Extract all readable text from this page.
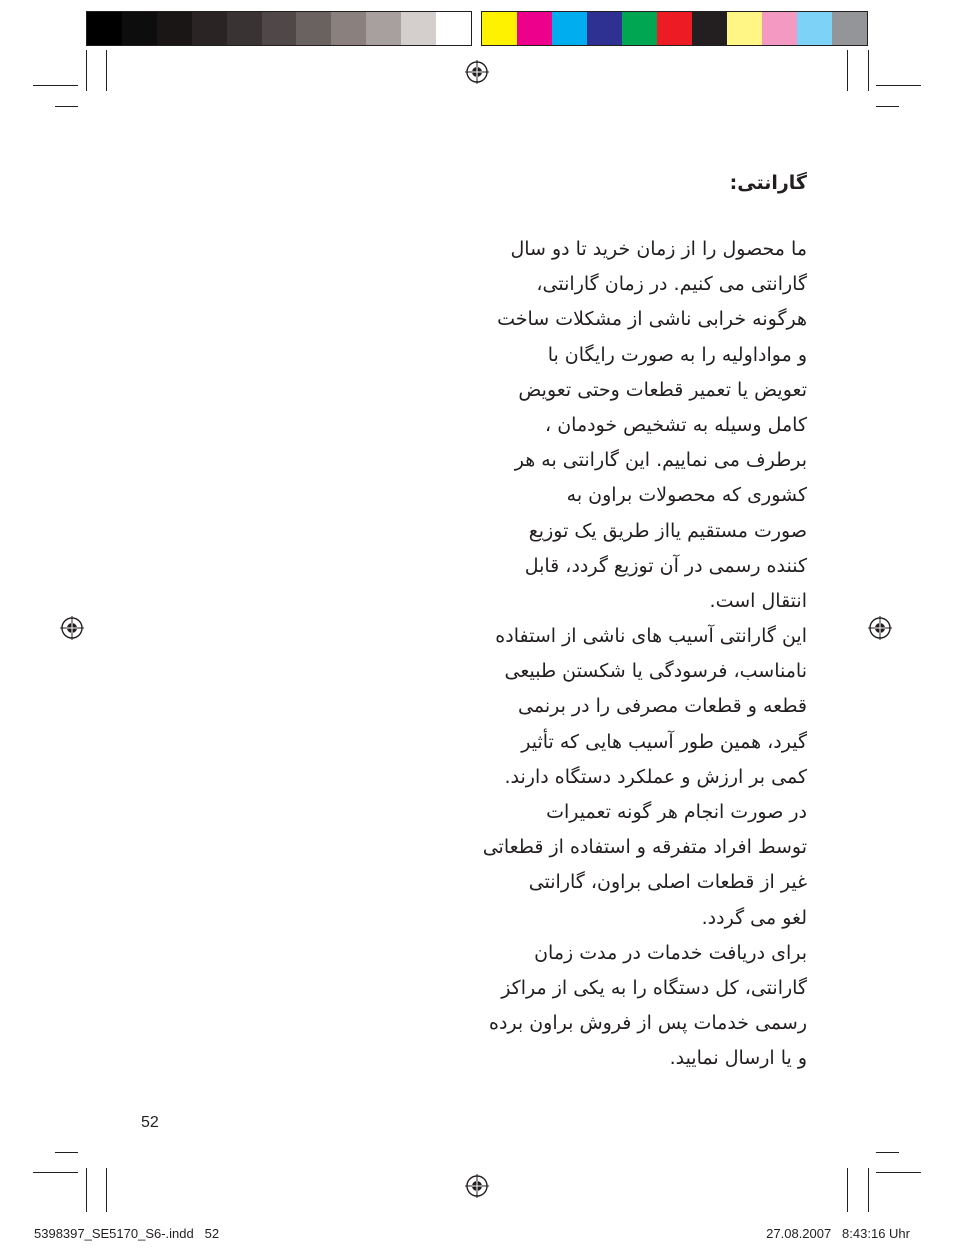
گارانتی:
ما محصول را از زمان خرید تا دو سال
گارانتی می کنیم. در زمان گارانتی،
هرگونه خرابی ناشی از مشکلات ساخت
و مواداولیه را به صورت رایگان با
تعویض یا تعمیر قطعات وحتی تعویض
کامل وسیله به تشخیص خودمان ،
برطرف می نماییم. این گارانتی به هر
کشوری که محصولات براون به
صورت مستقیم یااز طریق یک توزیع
کننده رسمی در آن توزیع گردد، قابل
انتقال است.
این گارانتی آسیب های ناشی از استفاده
نامناسب، فرسودگی یا شکستن طبیعی
قطعه و قطعات مصرفی را در برنمی
گیرد، همین طور آسیب هایی که تأثیر
کمی بر ارزش و عملکرد دستگاه دارند.
در صورت انجام هر گونه تعمیرات
توسط افراد متفرقه و استفاده از قطعاتی
غیر از قطعات اصلی براون، گارانتی
لغو می گردد.
برای دریافت خدمات در مدت زمان
گارانتی، کل دستگاه را به یکی از مراکز
رسمی خدمات پس از فروش براون برده
و یا ارسال نمایید.
52
5398397_SE5170_S6-.indd   52	27.08.2007   8:43:16 Uhr
